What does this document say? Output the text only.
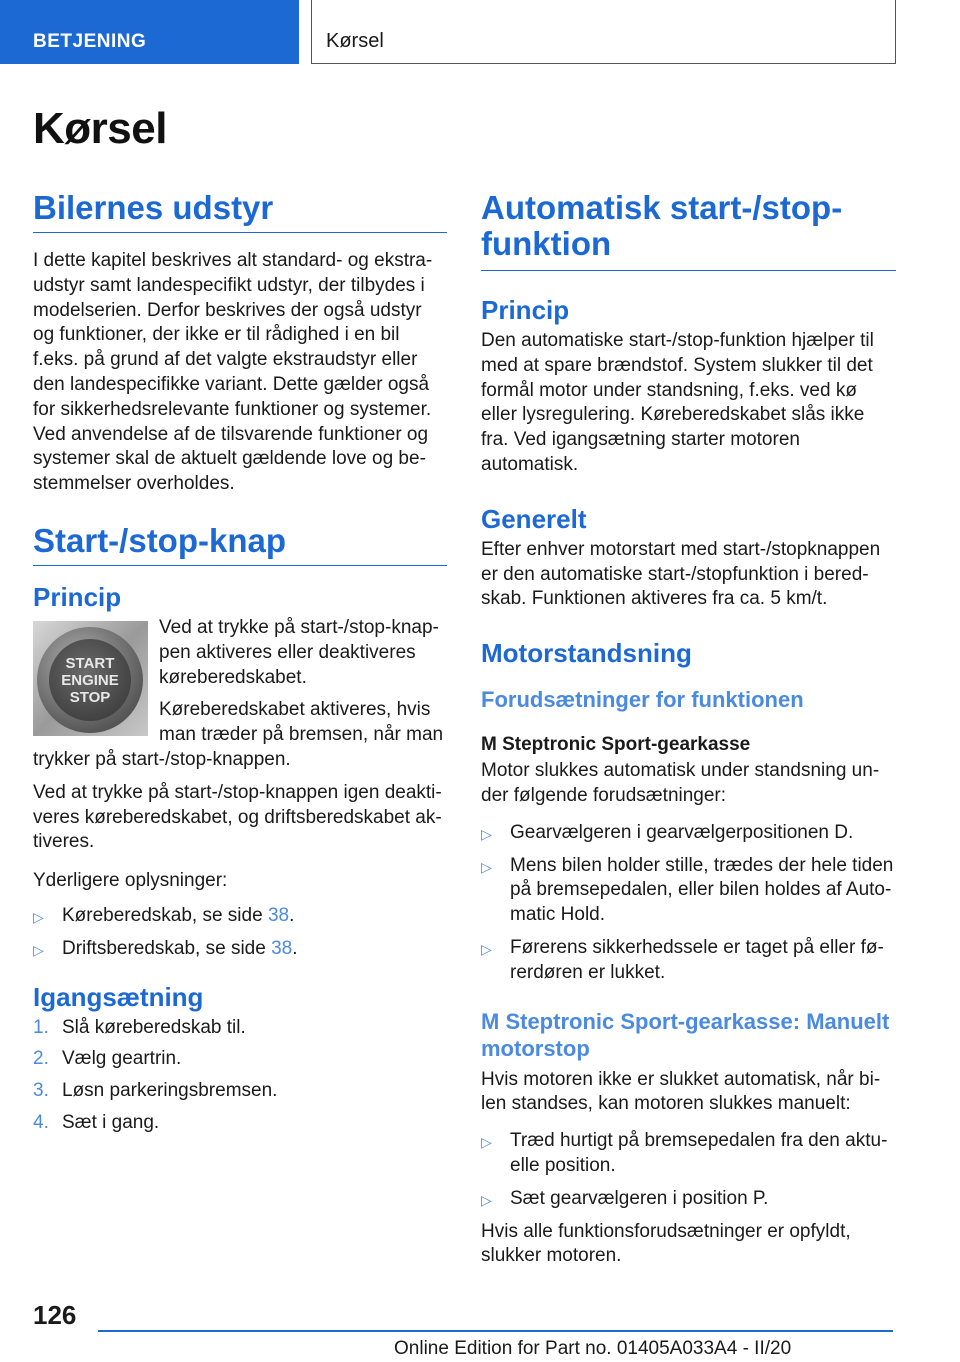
BETJENING	Kørsel
Kørsel
Bilernes udstyr
I dette kapitel beskrives alt standard- og ekstraudstyr samt landespecifikt udstyr, der tilbydes i modelserien. Derfor beskrives der også udstyr og funktioner, der ikke er til rådighed i en bil f.eks. på grund af det valgte ekstraudstyr eller den landespecifikke variant. Dette gælder også for sikkerhedsrelevante funktioner og systemer. Ved anvendelse af de tilsvarende funktioner og systemer skal de aktuelt gældende love og bestemmelser overholdes.
Start-/stop-knap
Princip
START
ENGINE
STOP
Ved at trykke på start-/stop-knappen aktiveres eller deaktiveres køreberedskabet.
Køreberedskabet aktiveres, hvis man træder på bremsen, når man trykker på start-/stop-knappen.
Ved at trykke på start-/stop-knappen igen deaktiveres køreberedskabet, og driftsberedskabet aktiveres.
Yderligere oplysninger:
▷ Køreberedskab, se side 38.
▷ Driftsberedskab, se side 38.
Igangsætning
1. Slå køreberedskab til.
2. Vælg geartrin.
3. Løsn parkeringsbremsen.
4. Sæt i gang.
Automatisk start-/stop-funktion
Princip
Den automatiske start-/stop-funktion hjælper til med at spare brændstof. System slukker til det formål motor under standsning, f.eks. ved kø eller lysregulering. Køreberedskabet slås ikke fra. Ved igangsætning starter motoren automatisk.
Generelt
Efter enhver motorstart med start-/stopknappen er den automatiske start-/stopfunktion i beredskab. Funktionen aktiveres fra ca. 5 km/t.
Motorstandsning
Forudsætninger for funktionen
M Steptronic Sport-gearkasse
Motor slukkes automatisk under standsning under følgende forudsætninger:
▷ Gearvælgeren i gearvælgerpositionen D.
▷ Mens bilen holder stille, trædes der hele tiden på bremsepedalen, eller bilen holdes af Automatic Hold.
▷ Førerens sikkerhedssele er taget på eller førerdøren er lukket.
M Steptronic Sport-gearkasse: Manuelt motorstop
Hvis motoren ikke er slukket automatisk, når bilen standses, kan motoren slukkes manuelt:
▷ Træd hurtigt på bremsepedalen fra den aktuelle position.
▷ Sæt gearvælgeren i position P.
Hvis alle funktionsforudsætninger er opfyldt, slukker motoren.
126
Online Edition for Part no. 01405A033A4 - II/20
